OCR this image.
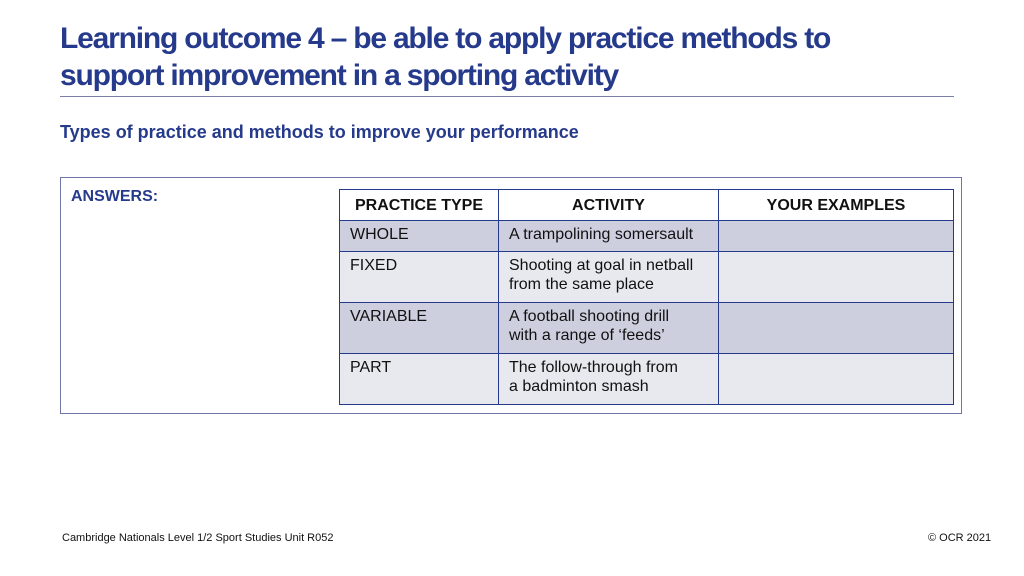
Learning outcome 4 – be able to apply practice methods to
support improvement in a sporting activity
Types of practice and methods to improve your performance
ANSWERS:	PRACTICE TYPE	ACTIVITY	YOUR EXAMPLES
WHOLE	A trampolining somersault	

FIXED	Shooting at goal in netball
from the same place	

VARIABLE	A football shooting drill
with a range of ‘feeds’	

PART	The follow-through from
a badminton smash	

Cambridge Nationals Level 1/2 Sport Studies Unit R052	© OCR 2021
